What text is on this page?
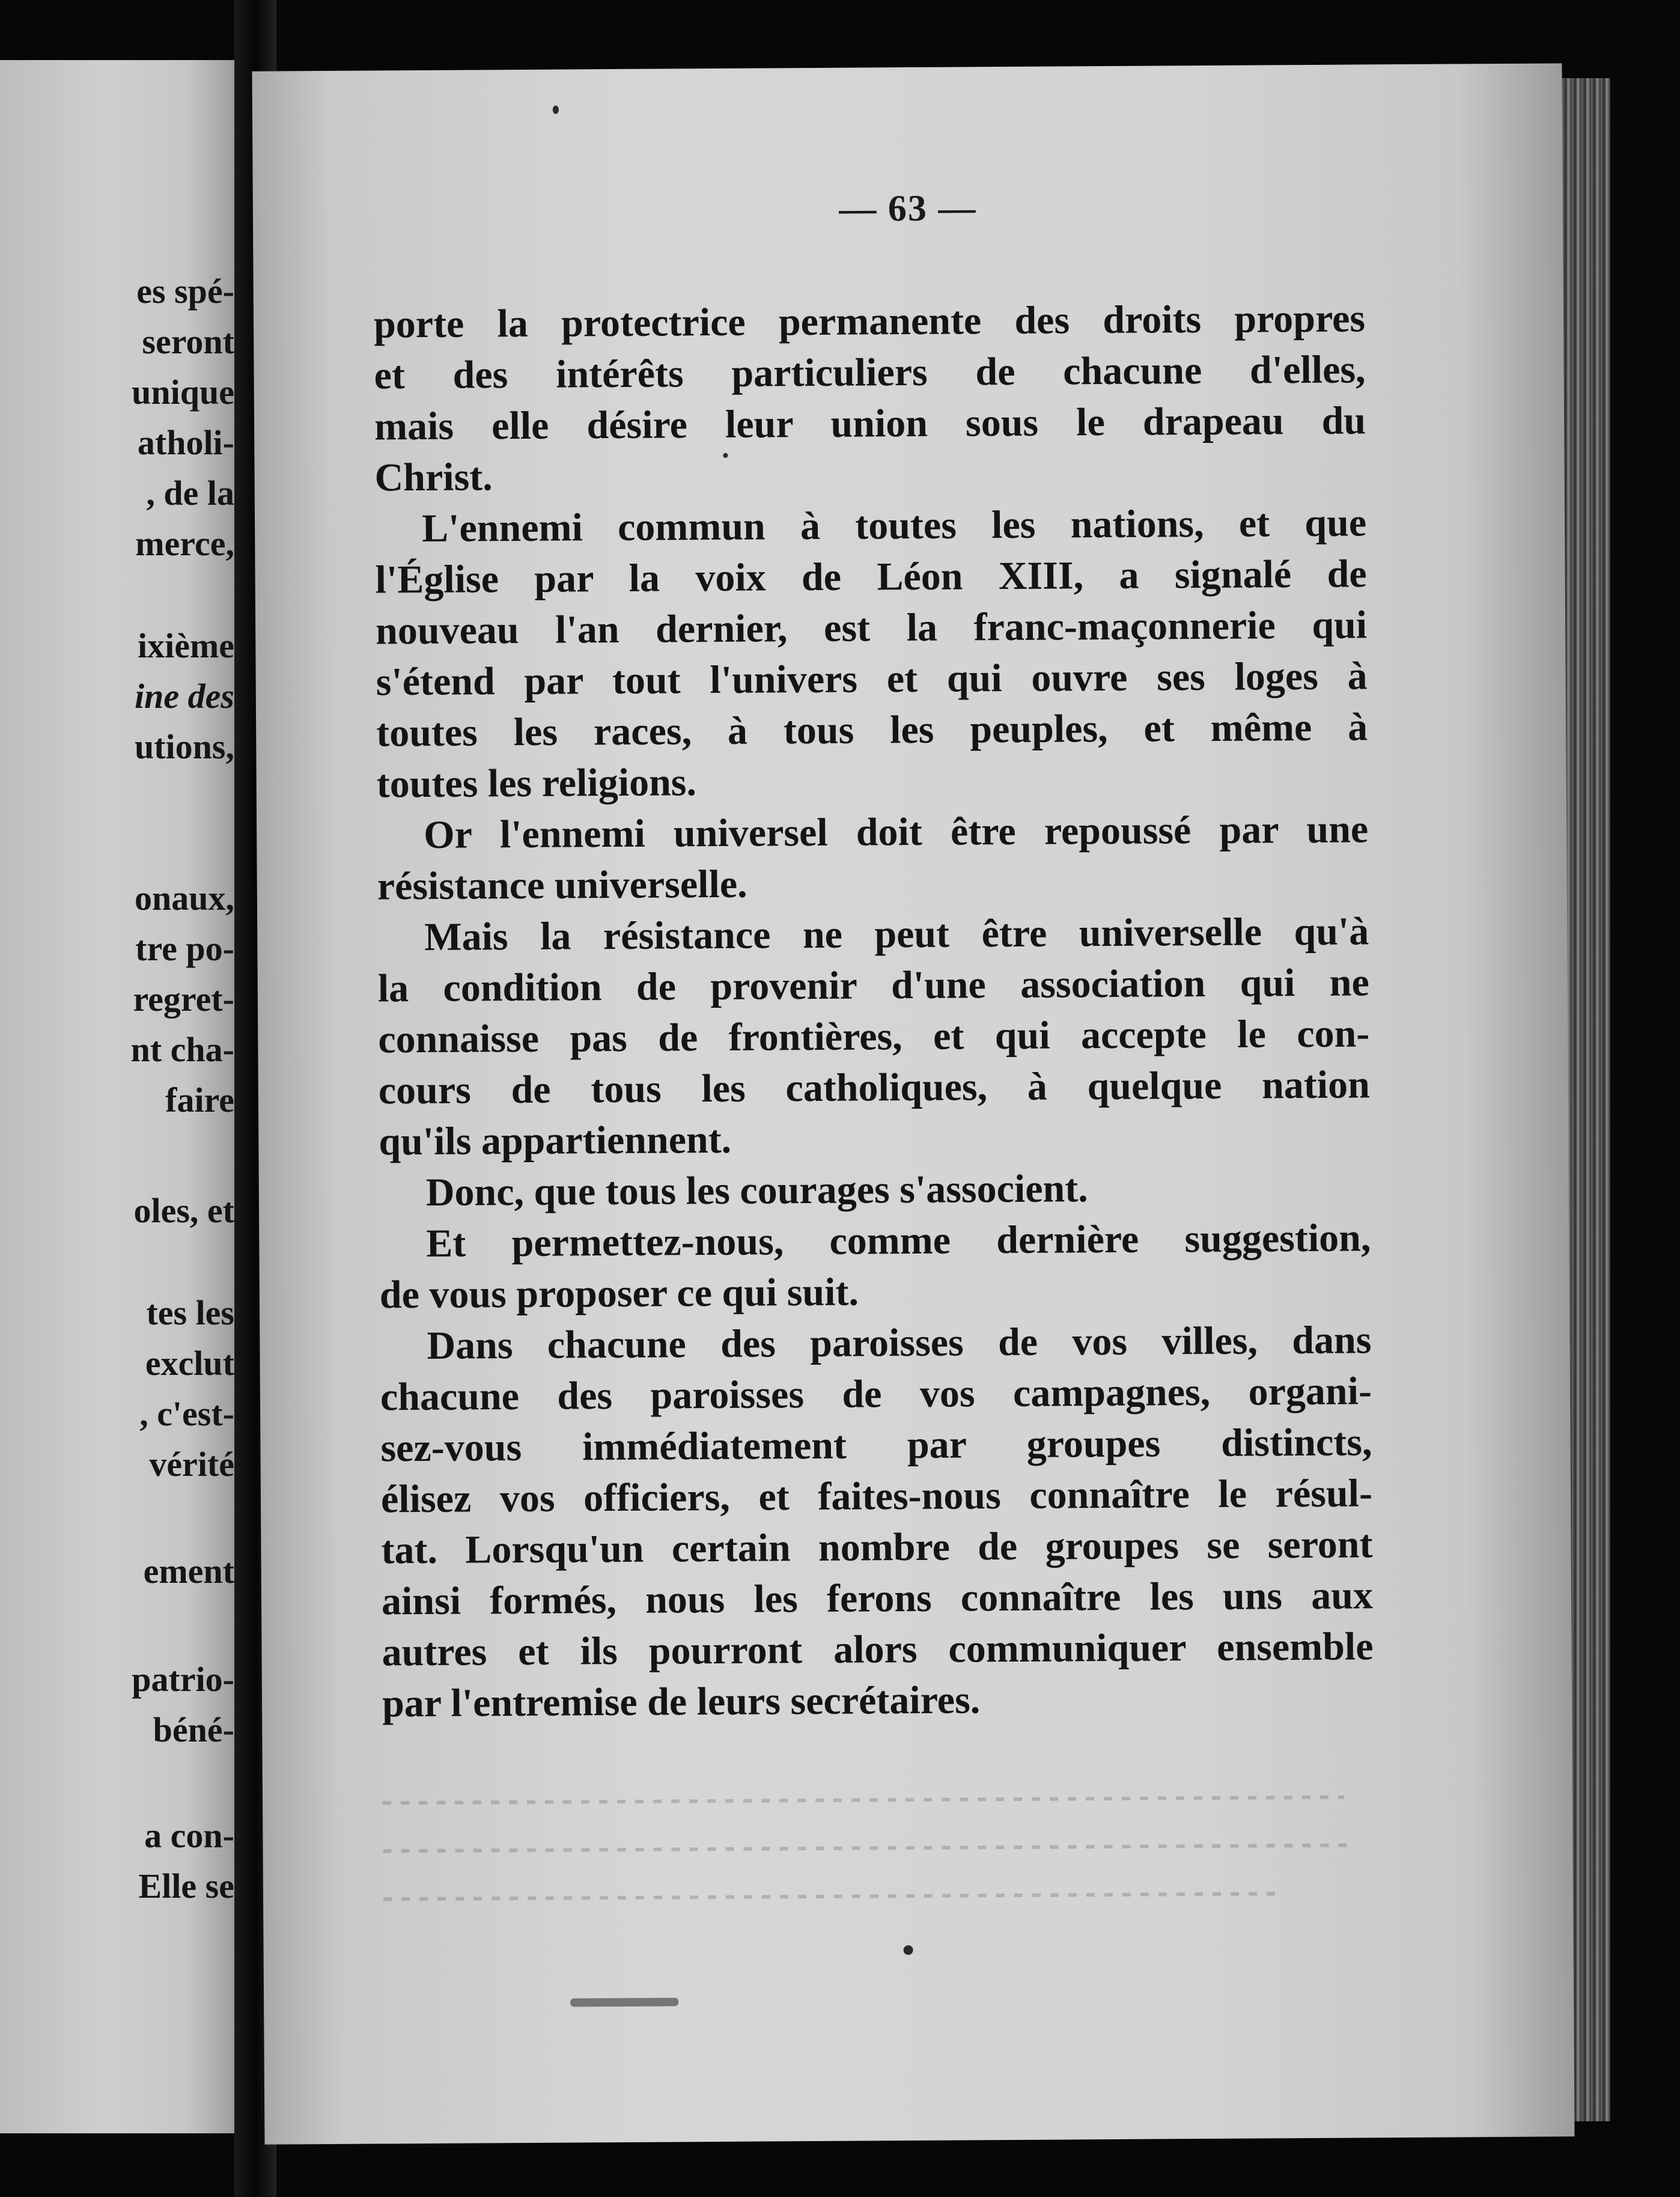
es spé-
seront
unique
atholi-
, de la
merce,
ixième
ine des
utions,
onaux,
tre po-
regret-
nt cha-
faire
oles, et
tes les
exclut
, c'est-
vérité
ement
patrio-
béné-
a con-
Elle se
— 63 —
porte la protectrice permanente des droits propres
et des intérêts particuliers de chacune d'elles,
mais elle désire leur union sous le drapeau du
Christ.
L'ennemi commun à toutes les nations, et que
l'Église par la voix de Léon XIII, a signalé de
nouveau l'an dernier, est la franc-maçonnerie qui
s'étend par tout l'univers et qui ouvre ses loges à
toutes les races, à tous les peuples, et même à
toutes les religions.
Or l'ennemi universel doit être repoussé par une
résistance universelle.
Mais la résistance ne peut être universelle qu'à
la condition de provenir d'une association qui ne
connaisse pas de frontières, et qui accepte le con-
cours de tous les catholiques, à quelque nation
qu'ils appartiennent.
Donc, que tous les courages s'associent.
Et permettez-nous, comme dernière suggestion,
de vous proposer ce qui suit.
Dans chacune des paroisses de vos villes, dans
chacune des paroisses de vos campagnes, organi-
sez-vous immédiatement par groupes distincts,
élisez vos officiers, et faites-nous connaître le résul-
tat. Lorsqu'un certain nombre de groupes se seront
ainsi formés, nous les ferons connaître les uns aux
autres et ils pourront alors communiquer ensemble
par l'entremise de leurs secrétaires.
